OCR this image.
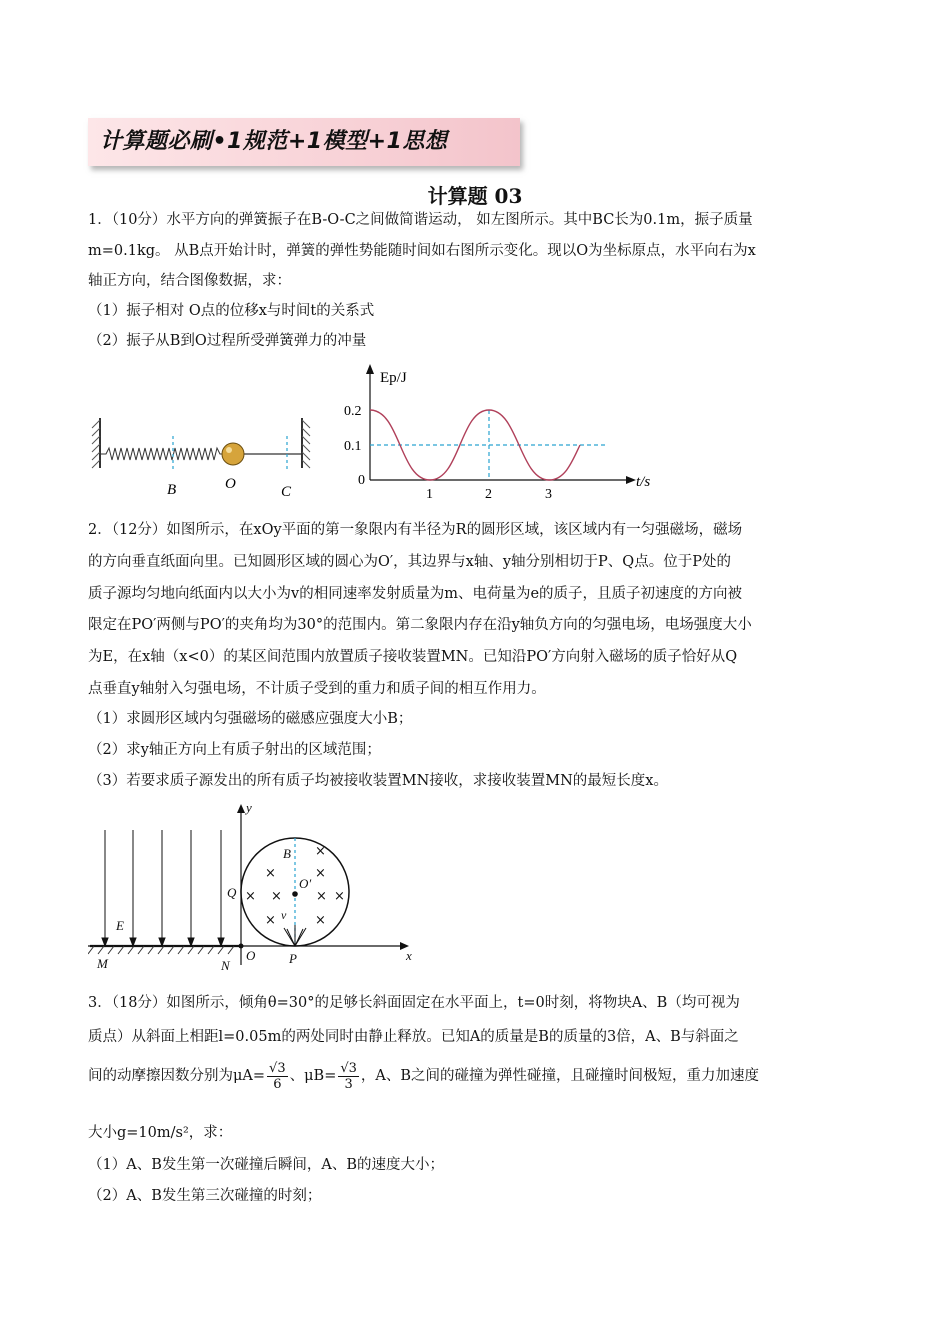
计算题必刷•1规范+1模型+1思想
计算题 03
1．（10分）水平方向的弹簧振子在B-O-C之间做简谐运动， 如左图所示。其中BC长为0.1m，振子质量
m=0.1kg。 从B点开始计时，弹簧的弹性势能随时间如右图所示变化。现以O为坐标原点，水平向右为x
轴正方向，结合图像数据，求：
（1）振子相对 O点的位移x与时间t的关系式
（2）振子从B到O过程所受弹簧弹力的冲量
B	O	C
Ep/J
0.2
0.1
0
1	2	3
t/s
2．（12分）如图所示，在xOy平面的第一象限内有半径为R的圆形区域，该区域内有一匀强磁场，磁场
的方向垂直纸面向里。已知圆形区域的圆心为O′，其边界与x轴、y轴分别相切于P、Q点。位于P处的
质子源均匀地向纸面内以大小为v的相同速率发射质量为m、电荷量为e的质子，且质子初速度的方向被
限定在PO′两侧与PO′的夹角均为30°的范围内。第二象限内存在沿y轴负方向的匀强电场，电场强度大小
为E，在x轴（x<0）的某区间范围内放置质子接收装置MN。已知沿PO′方向射入磁场的质子恰好从Q
点垂直y轴射入匀强电场，不计质子受到的重力和质子间的相互作用力。
（1）求圆形区域内匀强磁场的磁感应强度大小B；
（2）求y轴正方向上有质子射出的区域范围；
（3）若要求质子源发出的所有质子均被接收装置MN接收，求接收装置MN的最短长度x。
×
×	×
× ×	× ×
×	×
y
x
O
B
Q
O′
v
E
M	N	P
3．（18分）如图所示，倾角θ=30°的足够长斜面固定在水平面上，t=0时刻，将物块A、B（均可视为
质点）从斜面上相距l=0.05m的两处同时由静止释放。已知A的质量是B的质量的3倍，A、B与斜面之
间的动摩擦因数分别为$\mu A= \frac{√3}{6}$ 、$\mu B= \frac{√3}{3}$ ，A、B之间的碰撞为弹性碰撞，且碰撞时间极短，重力加速度
大小g=10m/s²，求：
（1）A、B发生第一次碰撞后瞬间，A、B的速度大小；
（2）A、B发生第三次碰撞的时刻；
